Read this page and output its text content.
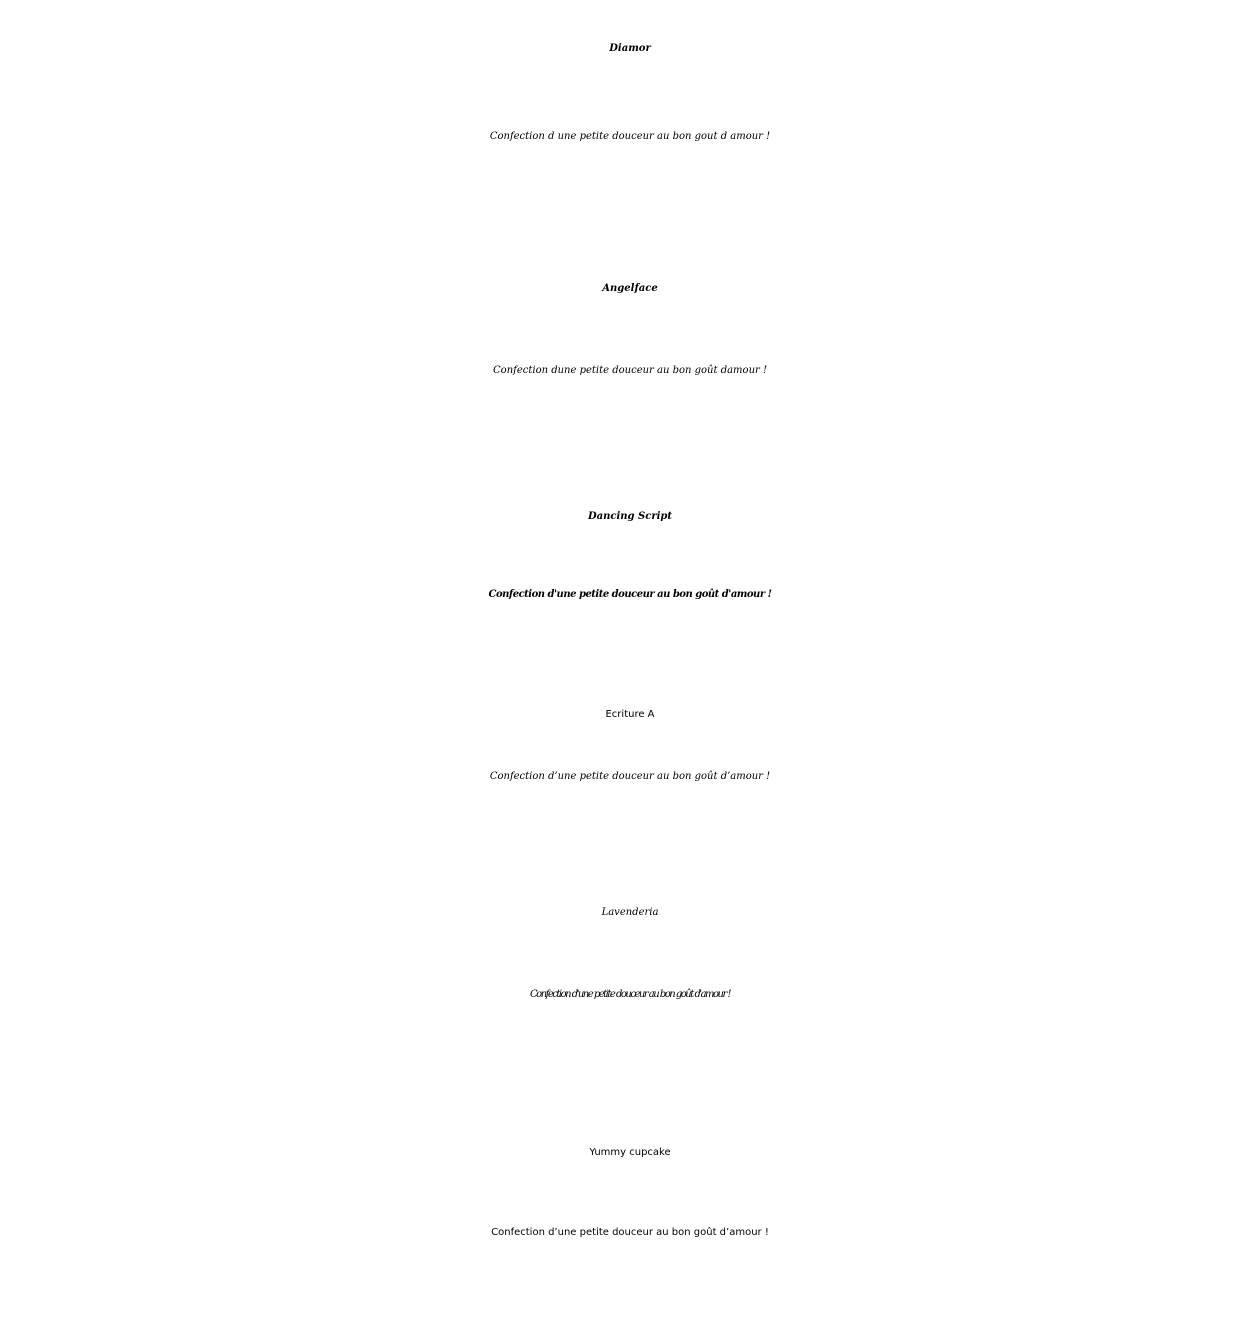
Diamor
Confection d une petite douceur au bon gout d amour !
Angelface
Confection dune petite douceur au bon goût damour !
Dancing Script
Confection d'une petite douceur au bon goût d'amour !
Ecriture A
Confection d’une petite douceur au bon goût d’amour !
Lavenderia
Confection d'une petite douceur au bon goût d'amour !
Yummy cupcake
Confection d’une petite douceur au bon goût d’amour !
